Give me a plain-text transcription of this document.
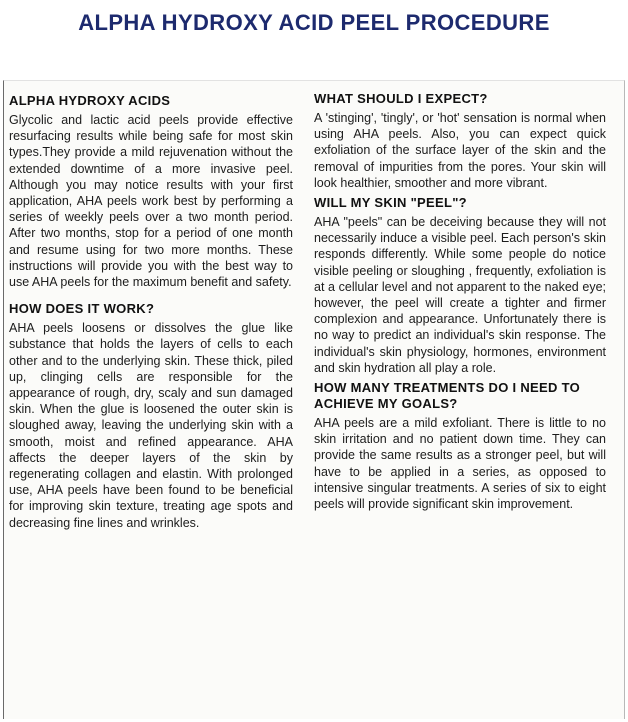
ALPHA HYDROXY ACID PEEL PROCEDURE
ALPHA HYDROXY ACIDS

Glycolic and lactic acid peels provide effective resurfacing results while being safe for most skin types.They provide a mild rejuvenation without the extended downtime of a more invasive peel. Although you may notice results with your first application, AHA peels work best by performing a series of weekly peels over a two month period. After two months, stop for a period of one month and resume using for two more months. These instructions will provide you with the best way to use AHA peels for the maximum benefit and safety.

HOW DOES IT WORK?

AHA peels loosens or dissolves the glue like substance that holds the layers of cells to each other and to the underlying skin. These thick, piled up, clinging cells are responsible for the appearance of rough, dry, scaly and sun damaged skin. When the glue is loosened the outer skin is sloughed away, leaving the underlying skin with a smooth, moist and refined appearance. AHA affects the deeper layers of the skin by regenerating collagen and elastin. With prolonged use, AHA peels have been found to be beneficial for improving skin texture, treating age spots and decreasing fine lines and wrinkles.

WHAT SHOULD I EXPECT?

A 'stinging', 'tingly', or 'hot' sensation is normal when using AHA peels. Also, you can expect quick exfoliation of the surface layer of the skin and the removal of impurities from the pores. Your skin will look healthier, smoother and more vibrant.

WILL MY SKIN "PEEL"?

AHA "peels" can be deceiving because they will not necessarily induce a visible peel. Each person's skin responds differently. While some people do notice visible peeling or sloughing , frequently, exfoliation is at a cellular level and not apparent to the naked eye; however, the peel will create a tighter and firmer complexion and appearance. Unfortunately there is no way to predict an individual's skin response. The individual's skin physiology, hormones, environment and skin hydration all play a role.

HOW MANY TREATMENTS DO I NEED TO ACHIEVE MY GOALS?

AHA peels are a mild exfoliant. There is little to no skin irritation and no patient down time. They can provide the same results as a stronger peel, but will have to be applied in a series, as opposed to intensive singular treatments. A series of six to eight peels will provide significant skin improvement.
